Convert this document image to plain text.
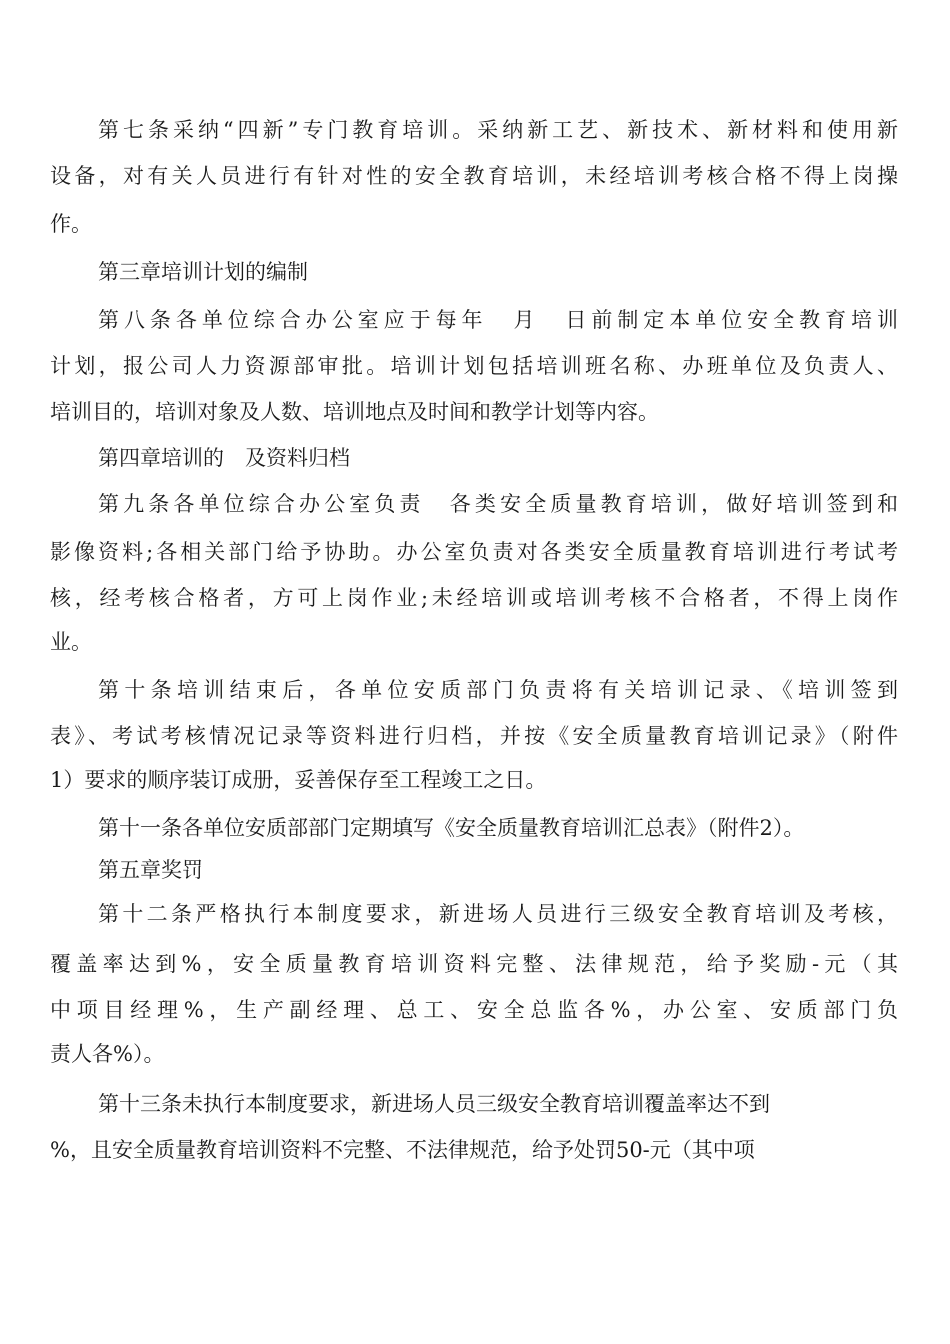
第七条采纳“四新”专门教育培训。采纳新工艺、新技术、新材料和使用新
设备，对有关人员进行有针对性的安全教育培训，未经培训考核合格不得上岗操
作。
第三章培训计划的编制
第八条各单位综合办公室应于每年　月　日前制定本单位安全教育培训
计划，报公司人力资源部审批。培训计划包括培训班名称、办班单位及负责人、
培训目的，培训对象及人数、培训地点及时间和教学计划等内容。
第四章培训的　及资料归档
第九条各单位综合办公室负责　各类安全质量教育培训，做好培训签到和
影像资料;各相关部门给予协助。办公室负责对各类安全质量教育培训进行考试考
核，经考核合格者，方可上岗作业;未经培训或培训考核不合格者，不得上岗作
业。
第十条培训结束后，各单位安质部门负责将有关培训记录、《培训签到
表》、考试考核情况记录等资料进行归档，并按《安全质量教育培训记录》（附件
1）要求的顺序装订成册，妥善保存至工程竣工之日。
第十一条各单位安质部部门定期填写《安全质量教育培训汇总表》（附件2）。
第五章奖罚
第十二条严格执行本制度要求，新进场人员进行三级安全教育培训及考核，
覆盖率达到%，安全质量教育培训资料完整、法律规范，给予奖励-元（其
中项目经理%，生产副经理、总工、安全总监各%，办公室、安质部门负
责人各%）。
第十三条未执行本制度要求，新进场人员三级安全教育培训覆盖率达不到
%，且安全质量教育培训资料不完整、不法律规范，给予处罚50-元（其中项
